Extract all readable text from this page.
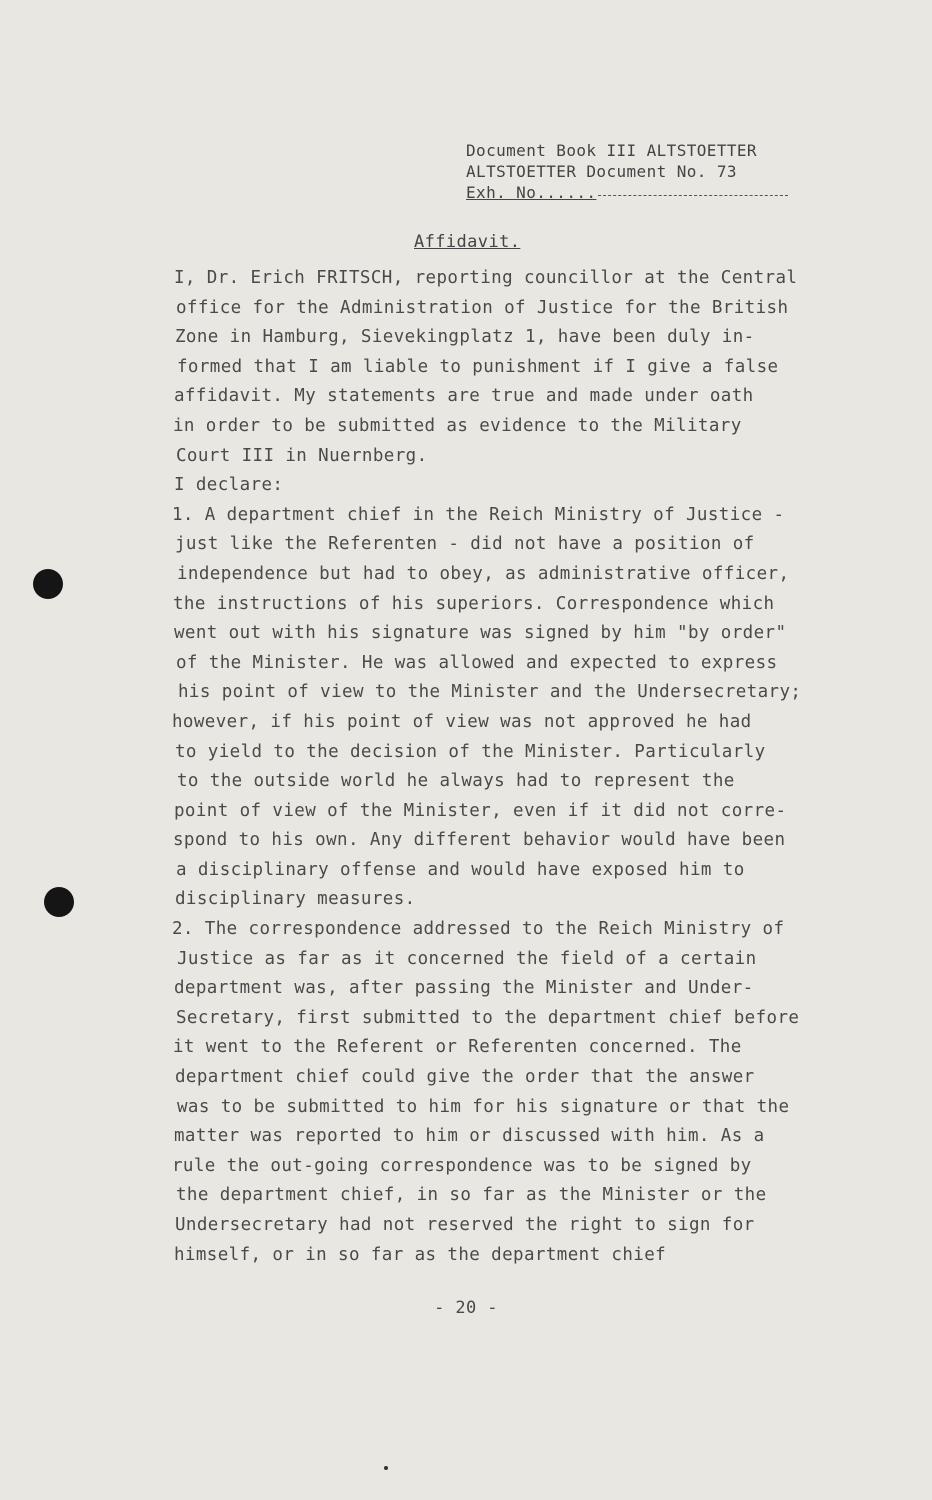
Document Book III ALTSTOETTER
ALTSTOETTER Document No. 73
Exh. No......
Affidavit.
I, Dr. Erich FRITSCH, reporting councillor at the Central
office for the Administration of Justice for the British
Zone in Hamburg, Sievekingplatz 1, have been duly in-
formed that I am liable to punishment if I give a false
affidavit. My statements are true and made under oath
in order to be submitted as evidence to the Military
Court III in Nuernberg.
I declare:
1. A department chief in the Reich Ministry of Justice -
just like the Referenten - did not have a position of
independence but had to obey, as administrative officer,
the instructions of his superiors. Correspondence which
went out with his signature was signed by him "by order"
of the Minister. He was allowed and expected to express
his point of view to the Minister and the Undersecretary;
however, if his point of view was not approved he had
to yield to the decision of the Minister. Particularly
to the outside world he always had to represent the
point of view of the Minister, even if it did not corre-
spond to his own. Any different behavior would have been
a disciplinary offense and would have exposed him to
disciplinary measures.
2. The correspondence addressed to the Reich Ministry of
Justice as far as it concerned the field of a certain
department was, after passing the Minister and Under-
Secretary, first submitted to the department chief before
it went to the Referent or Referenten concerned. The
department chief could give the order that the answer
was to be submitted to him for his signature or that the
matter was reported to him or discussed with him. As a
rule the out-going correspondence was to be signed by
the department chief, in so far as the Minister or the
Undersecretary had not reserved the right to sign for
himself, or in so far as the department chief
- 20 -
